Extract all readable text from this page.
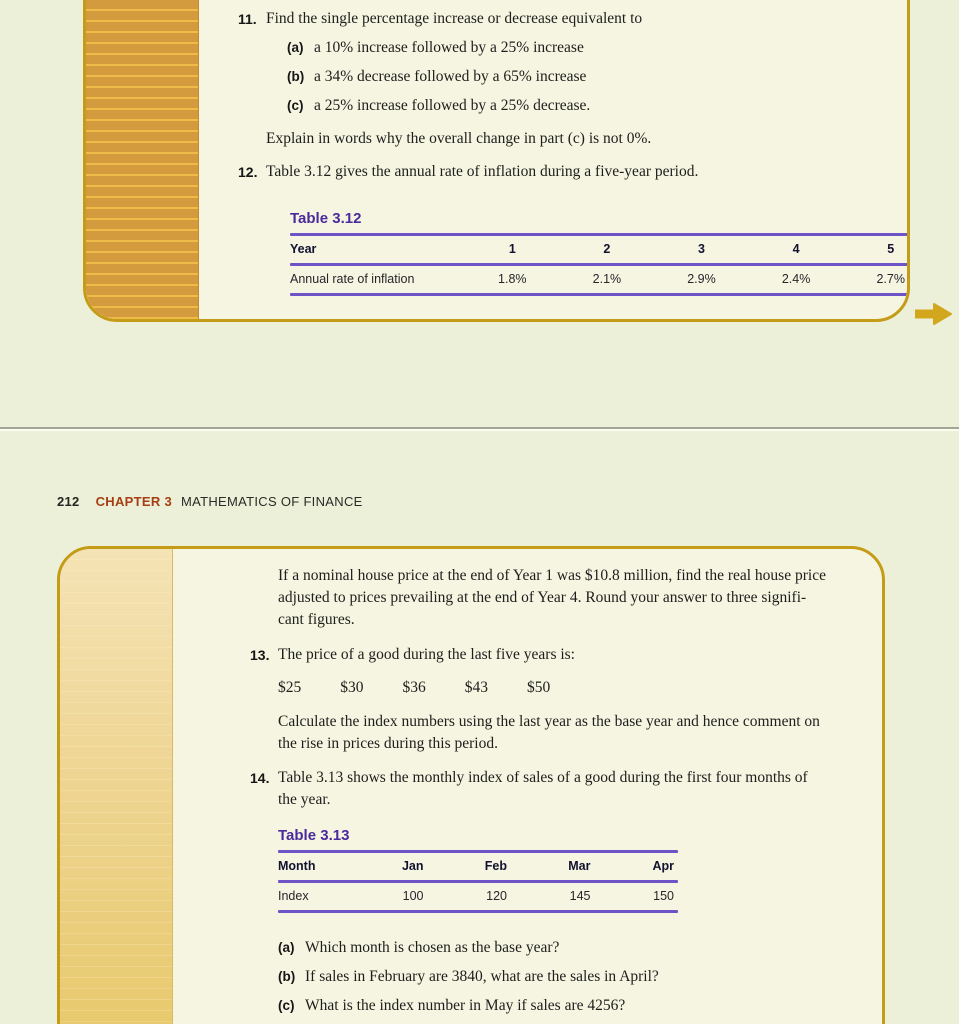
11. Find the single percentage increase or decrease equivalent to
(a) a 10% increase followed by a 25% increase
(b) a 34% decrease followed by a 65% increase
(c) a 25% increase followed by a 25% decrease.
Explain in words why the overall change in part (c) is not 0%.
12. Table 3.12 gives the annual rate of inflation during a five-year period.
Table 3.12
Year	1	2	3	4	5
Annual rate of inflation	1.8%	2.1%	2.9%	2.4%	2.7%
212 CHAPTER 3 MATHEMATICS OF FINANCE
If a nominal house price at the end of Year 1 was $10.8 million, find the real house price
adjusted to prices prevailing at the end of Year 4. Round your answer to three signifi-
cant figures.
13. The price of a good during the last five years is:
$25	$30	$36	$43	$50
Calculate the index numbers using the last year as the base year and hence comment on
the rise in prices during this period.
14. Table 3.13 shows the monthly index of sales of a good during the first four months of
the year.
Table 3.13
Month	Jan	Feb	Mar	Apr
Index	100	120	145	150
(a) Which month is chosen as the base year?
(b) If sales in February are 3840, what are the sales in April?
(c) What is the index number in May if sales are 4256?
